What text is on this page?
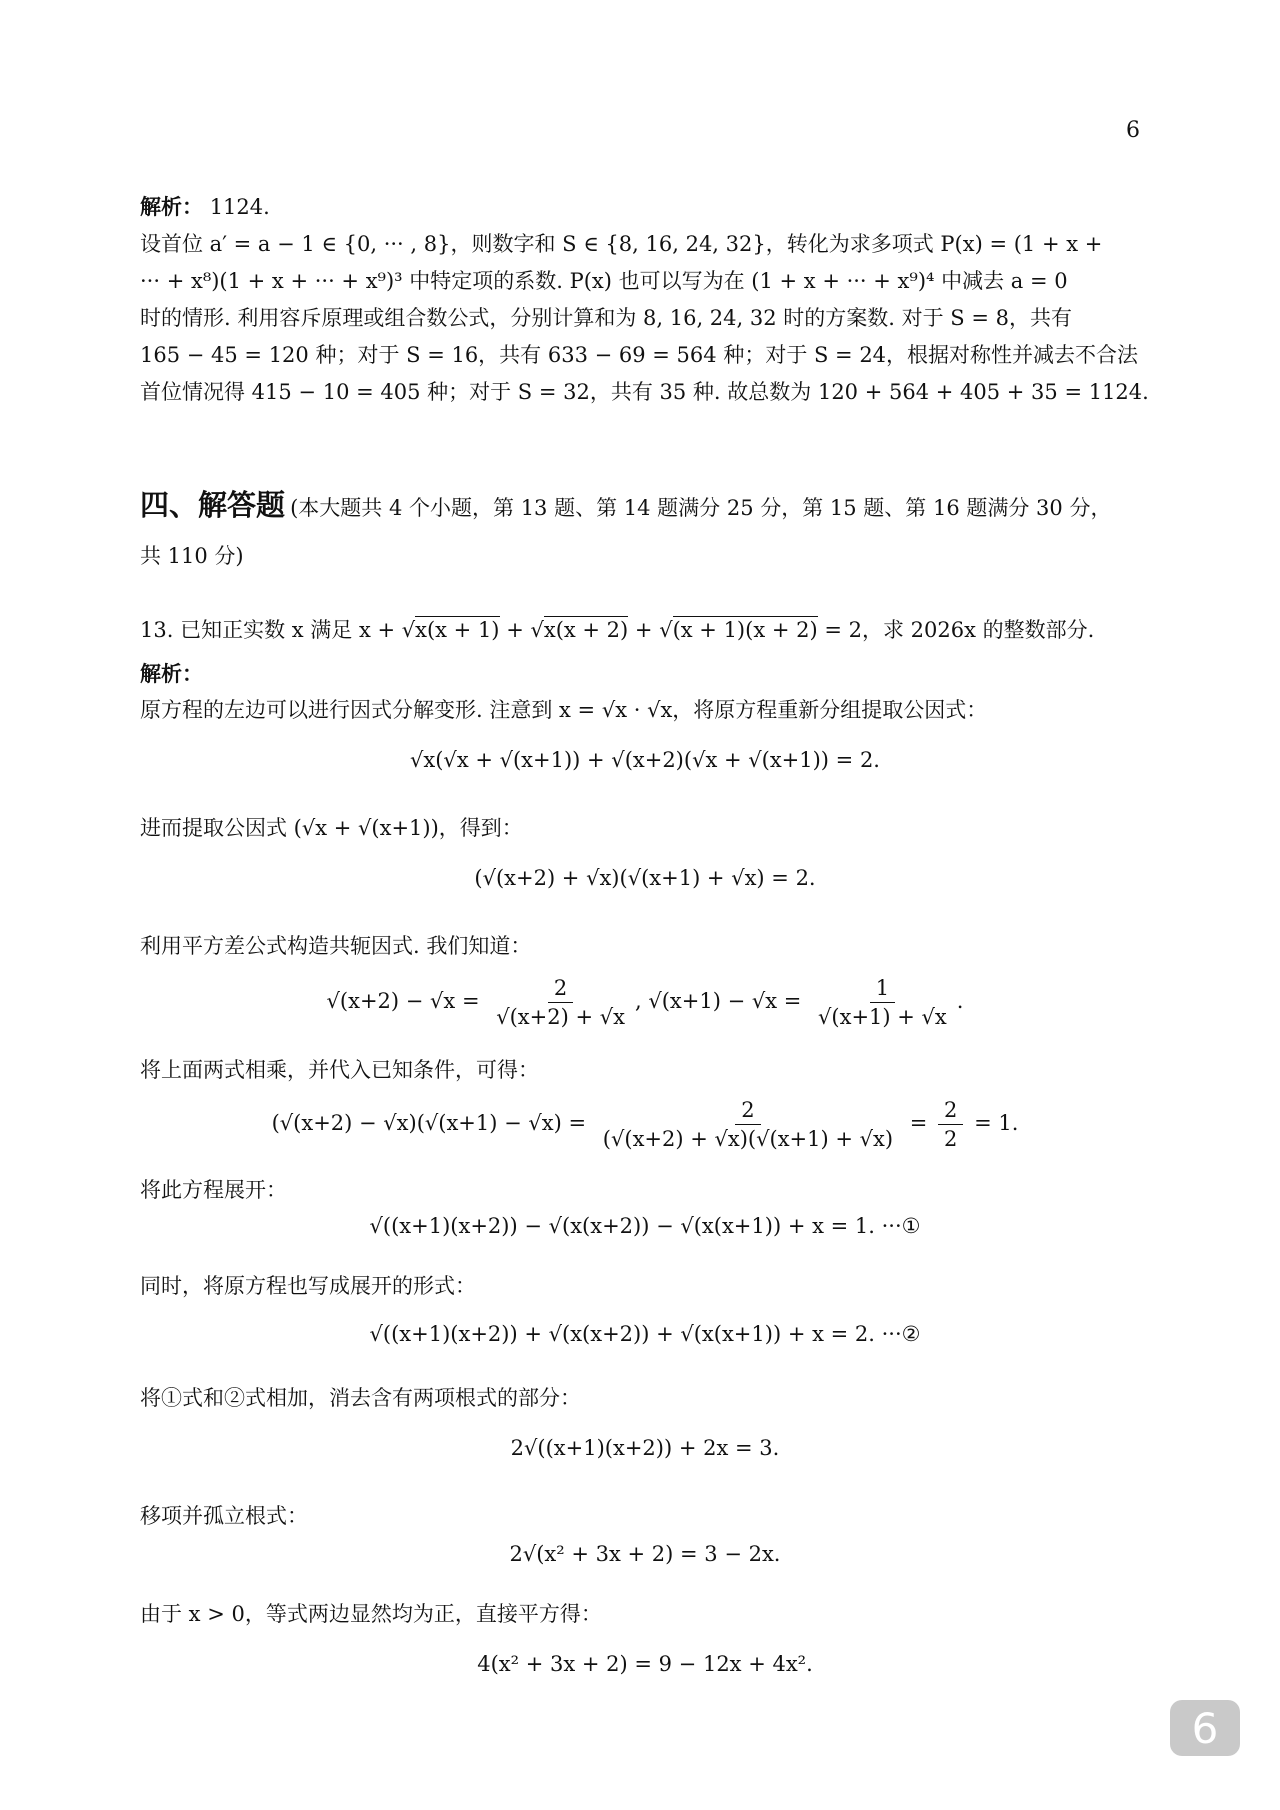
6

解析： 1124.

设首位 a′ = a − 1 ∈ {0, ··· , 8}，则数字和 S ∈ {8, 16, 24, 32}，转化为求多项式 P(x) = (1 + x +

··· + x⁸)(1 + x + ··· + x⁹)³ 中特定项的系数. P(x) 也可以写为在 (1 + x + ··· + x⁹)⁴ 中减去 a = 0

时的情形. 利用容斥原理或组合数公式，分别计算和为 8, 16, 24, 32 时的方案数. 对于 S = 8，共有

165 − 45 = 120 种；对于 S = 16，共有 633 − 69 = 564 种；对于 S = 24，根据对称性并减去不合法

首位情况得 415 − 10 = 405 种；对于 S = 32，共有 35 种. 故总数为 120 + 564 + 405 + 35 = 1124.

四、解答题 (本大题共 4 个小题，第 13 题、第 14 题满分 25 分，第 15 题、第 16 题满分 30 分，
共 110 分)

13. 已知正实数 x 满足 x + √x(x + 1) + √x(x + 2) + √(x + 1)(x + 2) = 2，求 2026x 的整数部分.

解析：

原方程的左边可以进行因式分解变形. 注意到 x = √x · √x，将原方程重新分组提取公因式：

√x(√x + √(x+1)) + √(x+2)(√x + √(x+1)) = 2.
进而提取公因式 (√x + √(x+1))，得到：
(√(x+2) + √x)(√(x+1) + √x) = 2.
利用平方差公式构造共轭因式. 我们知道：
$√(x+2) - √x = \frac{2}{√(x+2) + √x}$ , $√(x+1) - √x = \frac{1}{√(x+1) + √x}$ .
将上面两式相乘，并代入已知条件，可得：
$(√(x+2) - √x)(√(x+1) - √x) = \frac{2}{(√(x+2) + √x)(√(x+1) + √x)} = \frac{2}{2} = 1$.
将此方程展开：
√((x+1)(x+2)) − √(x(x+2)) − √(x(x+1)) + x = 1. ···①
同时，将原方程也写成展开的形式：
√((x+1)(x+2)) + √(x(x+2)) + √(x(x+1)) + x = 2. ···②
将①式和②式相加，消去含有两项根式的部分：
2√((x+1)(x+2)) + 2x = 3.
移项并孤立根式：
2√(x² + 3x + 2) = 3 − 2x.
由于 x > 0，等式两边显然均为正，直接平方得：
4(x² + 3x + 2) = 9 − 12x + 4x².
6
